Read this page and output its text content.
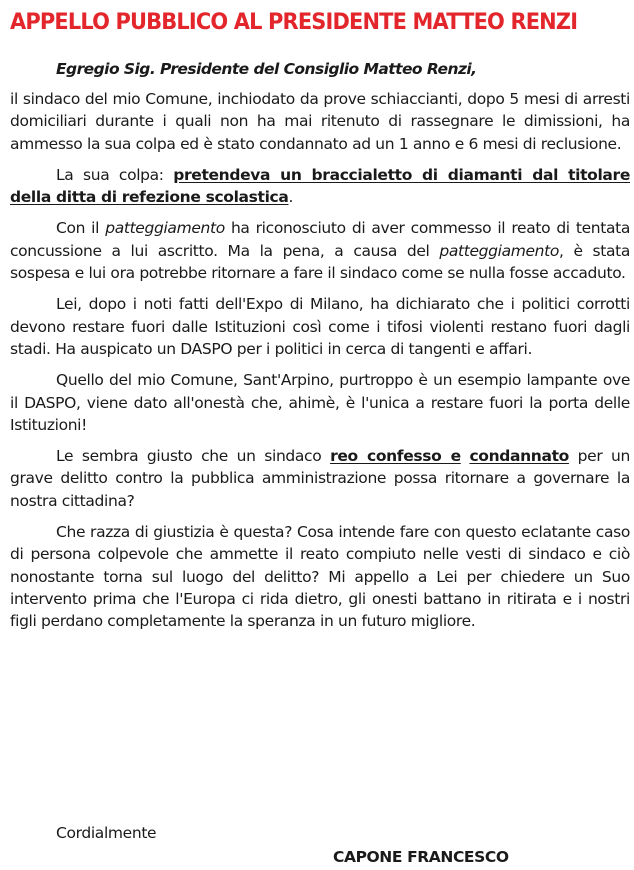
APPELLO PUBBLICO AL PRESIDENTE MATTEO RENZI

Egregio Sig. Presidente del Consiglio Matteo Renzi,

il sindaco del mio Comune, inchiodato da prove schiaccianti, dopo 5 mesi di arresti domiciliari durante i quali non ha mai ritenuto di rassegnare le dimissioni, ha ammesso la sua colpa ed è stato condannato ad un 1 anno e 6 mesi di reclusione.

La sua colpa: pretendeva un braccialetto di diamanti dal titolare della ditta di refezione scolastica.

Con il patteggiamento ha riconosciuto di aver commesso il reato di tentata concussione a lui ascritto. Ma la pena, a causa del patteggiamento, è stata sospesa e lui ora potrebbe ritornare a fare il sindaco come se nulla fosse accaduto.

Lei, dopo i noti fatti dell'Expo di Milano, ha dichiarato che i politici corrotti devono restare fuori dalle Istituzioni così come i tifosi violenti restano fuori dagli stadi. Ha auspicato un DASPO per i politici in cerca di tangenti e affari.

Quello del mio Comune, Sant'Arpino, purtroppo è un esempio lampante ove il DASPO, viene dato all'onestà che, ahimè, è l'unica a restare fuori la porta delle Istituzioni!

Le sembra giusto che un sindaco reo confesso e condannato per un grave delitto contro la pubblica amministrazione possa ritornare a governare la nostra cittadina?

Che razza di giustizia è questa? Cosa intende fare con questo eclatante caso di persona colpevole che ammette il reato compiuto nelle vesti di sindaco e ciò nonostante torna sul luogo del delitto? Mi appello a Lei per chiedere un Suo intervento prima che l'Europa ci rida dietro, gli onesti battano in ritirata e i nostri figli perdano completamente la speranza in un futuro migliore.

Cordialmente

CAPONE FRANCESCO
